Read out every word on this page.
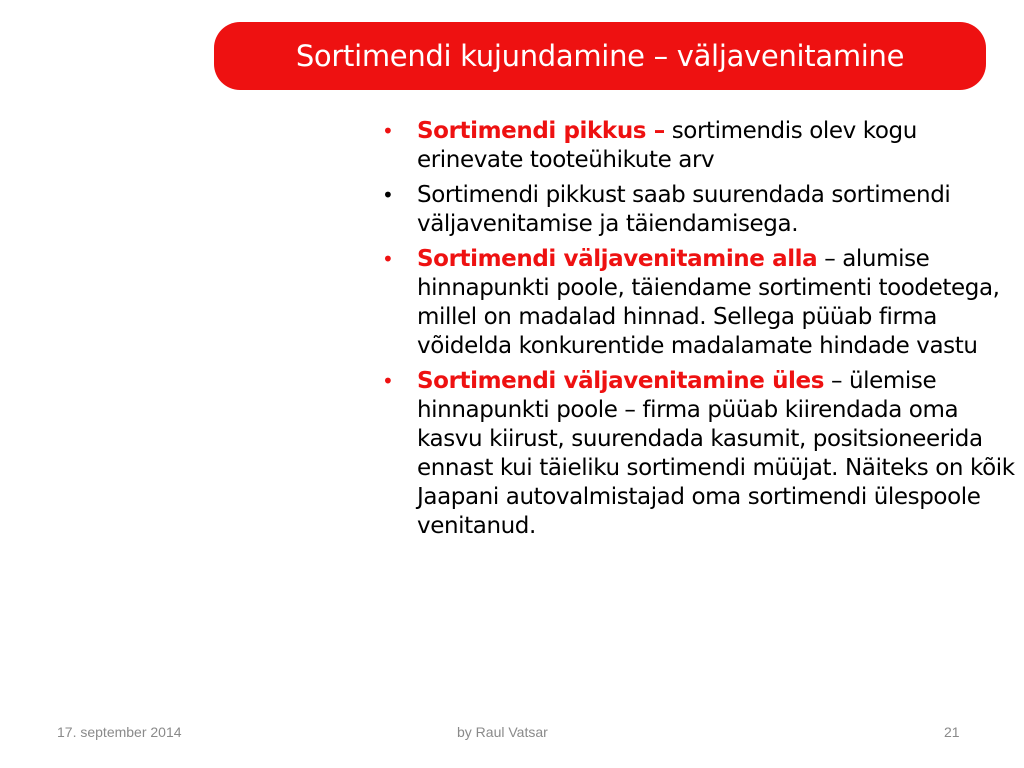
Sortimendi kujundamine – väljavenitamine
•	Sortimendi pikkus – sortimendis olev kogu erinevate tooteühikute arv
•	Sortimendi pikkust saab suurendada sortimendi väljavenitamise ja täiendamisega.
•	Sortimendi väljavenitamine alla – alumise hinnapunkti poole, täiendame sortimenti toodetega, millel on madalad hinnad. Sellega püüab firma võidelda konkurentide madalamate hindade vastu
•	Sortimendi väljavenitamine üles – ülemise hinnapunkti poole – firma püüab kiirendada oma kasvu kiirust, suurendada kasumit, positsioneerida ennast kui täieliku sortimendi müüjat. Näiteks on kõik Jaapani autovalmistajad oma sortimendi ülespoole venitanud.
17. september 2014	by Raul Vatsar	21
